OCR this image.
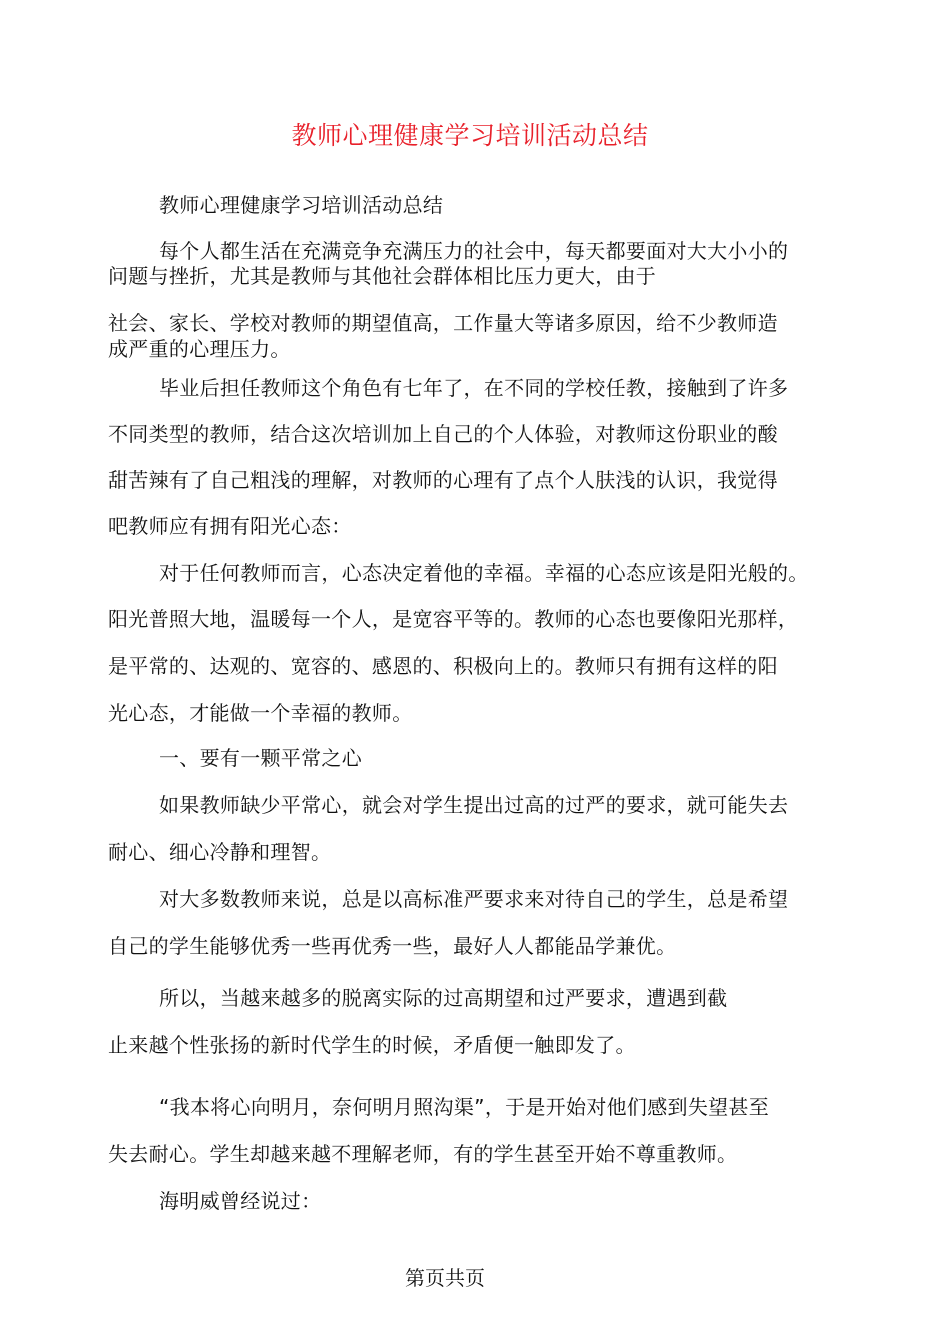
教师心理健康学习培训活动总结
教师心理健康学习培训活动总结
每个人都生活在充满竞争充满压力的社会中，每天都要面对大大小小的
问题与挫折，尤其是教师与其他社会群体相比压力更大，由于
社会、家长、学校对教师的期望值高，工作量大等诸多原因，给不少教师造
成严重的心理压力。
毕业后担任教师这个角色有七年了，在不同的学校任教，接触到了许多
不同类型的教师，结合这次培训加上自己的个人体验，对教师这份职业的酸
甜苦辣有了自己粗浅的理解，对教师的心理有了点个人肤浅的认识，我觉得
吧教师应有拥有阳光心态：
对于任何教师而言，心态决定着他的幸福。幸福的心态应该是阳光般的。
阳光普照大地，温暖每一个人，是宽容平等的。教师的心态也要像阳光那样，
是平常的、达观的、宽容的、感恩的、积极向上的。教师只有拥有这样的阳
光心态，才能做一个幸福的教师。
一、要有一颗平常之心
如果教师缺少平常心，就会对学生提出过高的过严的要求，就可能失去
耐心、细心冷静和理智。
对大多数教师来说，总是以高标准严要求来对待自己的学生，总是希望
自己的学生能够优秀一些再优秀一些，最好人人都能品学兼优。
所以，当越来越多的脱离实际的过高期望和过严要求，遭遇到截
止来越个性张扬的新时代学生的时候，矛盾便一触即发了。
“我本将心向明月，奈何明月照沟渠”，于是开始对他们感到失望甚至
失去耐心。学生却越来越不理解老师，有的学生甚至开始不尊重教师。
海明威曾经说过：
第页共页
